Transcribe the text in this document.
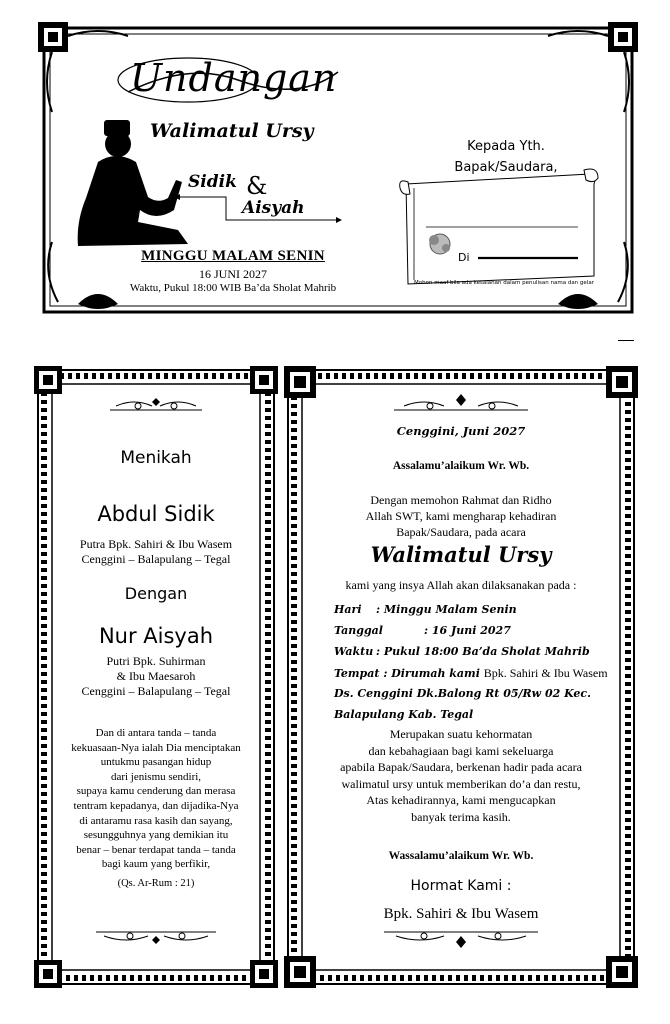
Undangan
Walimatul Ursy
Sidik &
Aisyah
MINGGU MALAM SENIN
16 JUNI 2027
Waktu, Pukul 18:00 WIB Ba’da Sholat Mahrib
Kepada Yth.
Bapak/Saudara,
Di
Mohon maaf bila ada kesalahan dalam penulisan nama dan gelar
Menikah
Abdul Sidik
Putra Bpk. Sahiri & Ibu Wasem
Cenggini – Balapulang – Tegal
Dengan
Nur Aisyah
Putri Bpk. Suhirman
& Ibu Maesaroh
Cenggini – Balapulang – Tegal
Dan di antara tanda – tanda
kekuasaan-Nya ialah Dia menciptakan
untukmu pasangan hidup
dari jenismu sendiri,
supaya kamu cenderung dan merasa
tentram kepadanya, dan dijadika-Nya
di antaramu rasa kasih dan sayang,
sesungguhnya yang demikian itu
benar – benar terdapat tanda – tanda
bagi kaum yang berfikir,
(Qs. Ar-Rum : 21)
Cenggini, Juni 2027
Assalamu’alaikum Wr. Wb.
Dengan memohon Rahmat dan Ridho
Allah SWT, kami mengharap kehadiran
Bapak/Saudara, pada acara
Walimatul Ursy
kami yang insya Allah akan dilaksanakan pada :
Hari : Minggu Malam Senin
Tanggal	: 16 Juni 2027
Waktu : Pukul 18:00 Ba’da Sholat Mahrib
Tempat : Dirumah kami Bpk. Sahiri & Ibu Wasem
Ds. Cenggini Dk.Balong Rt 05/Rw 02 Kec.
Balapulang Kab. Tegal
Merupakan suatu kehormatan
dan kebahagiaan bagi kami sekeluarga
apabila Bapak/Saudara, berkenan hadir pada acara
walimatul ursy untuk memberikan do’a dan restu,
Atas kehadirannya, kami mengucapkan
banyak terima kasih.
Wassalamu’alaikum Wr. Wb.
Hormat Kami :
Bpk. Sahiri & Ibu Wasem
